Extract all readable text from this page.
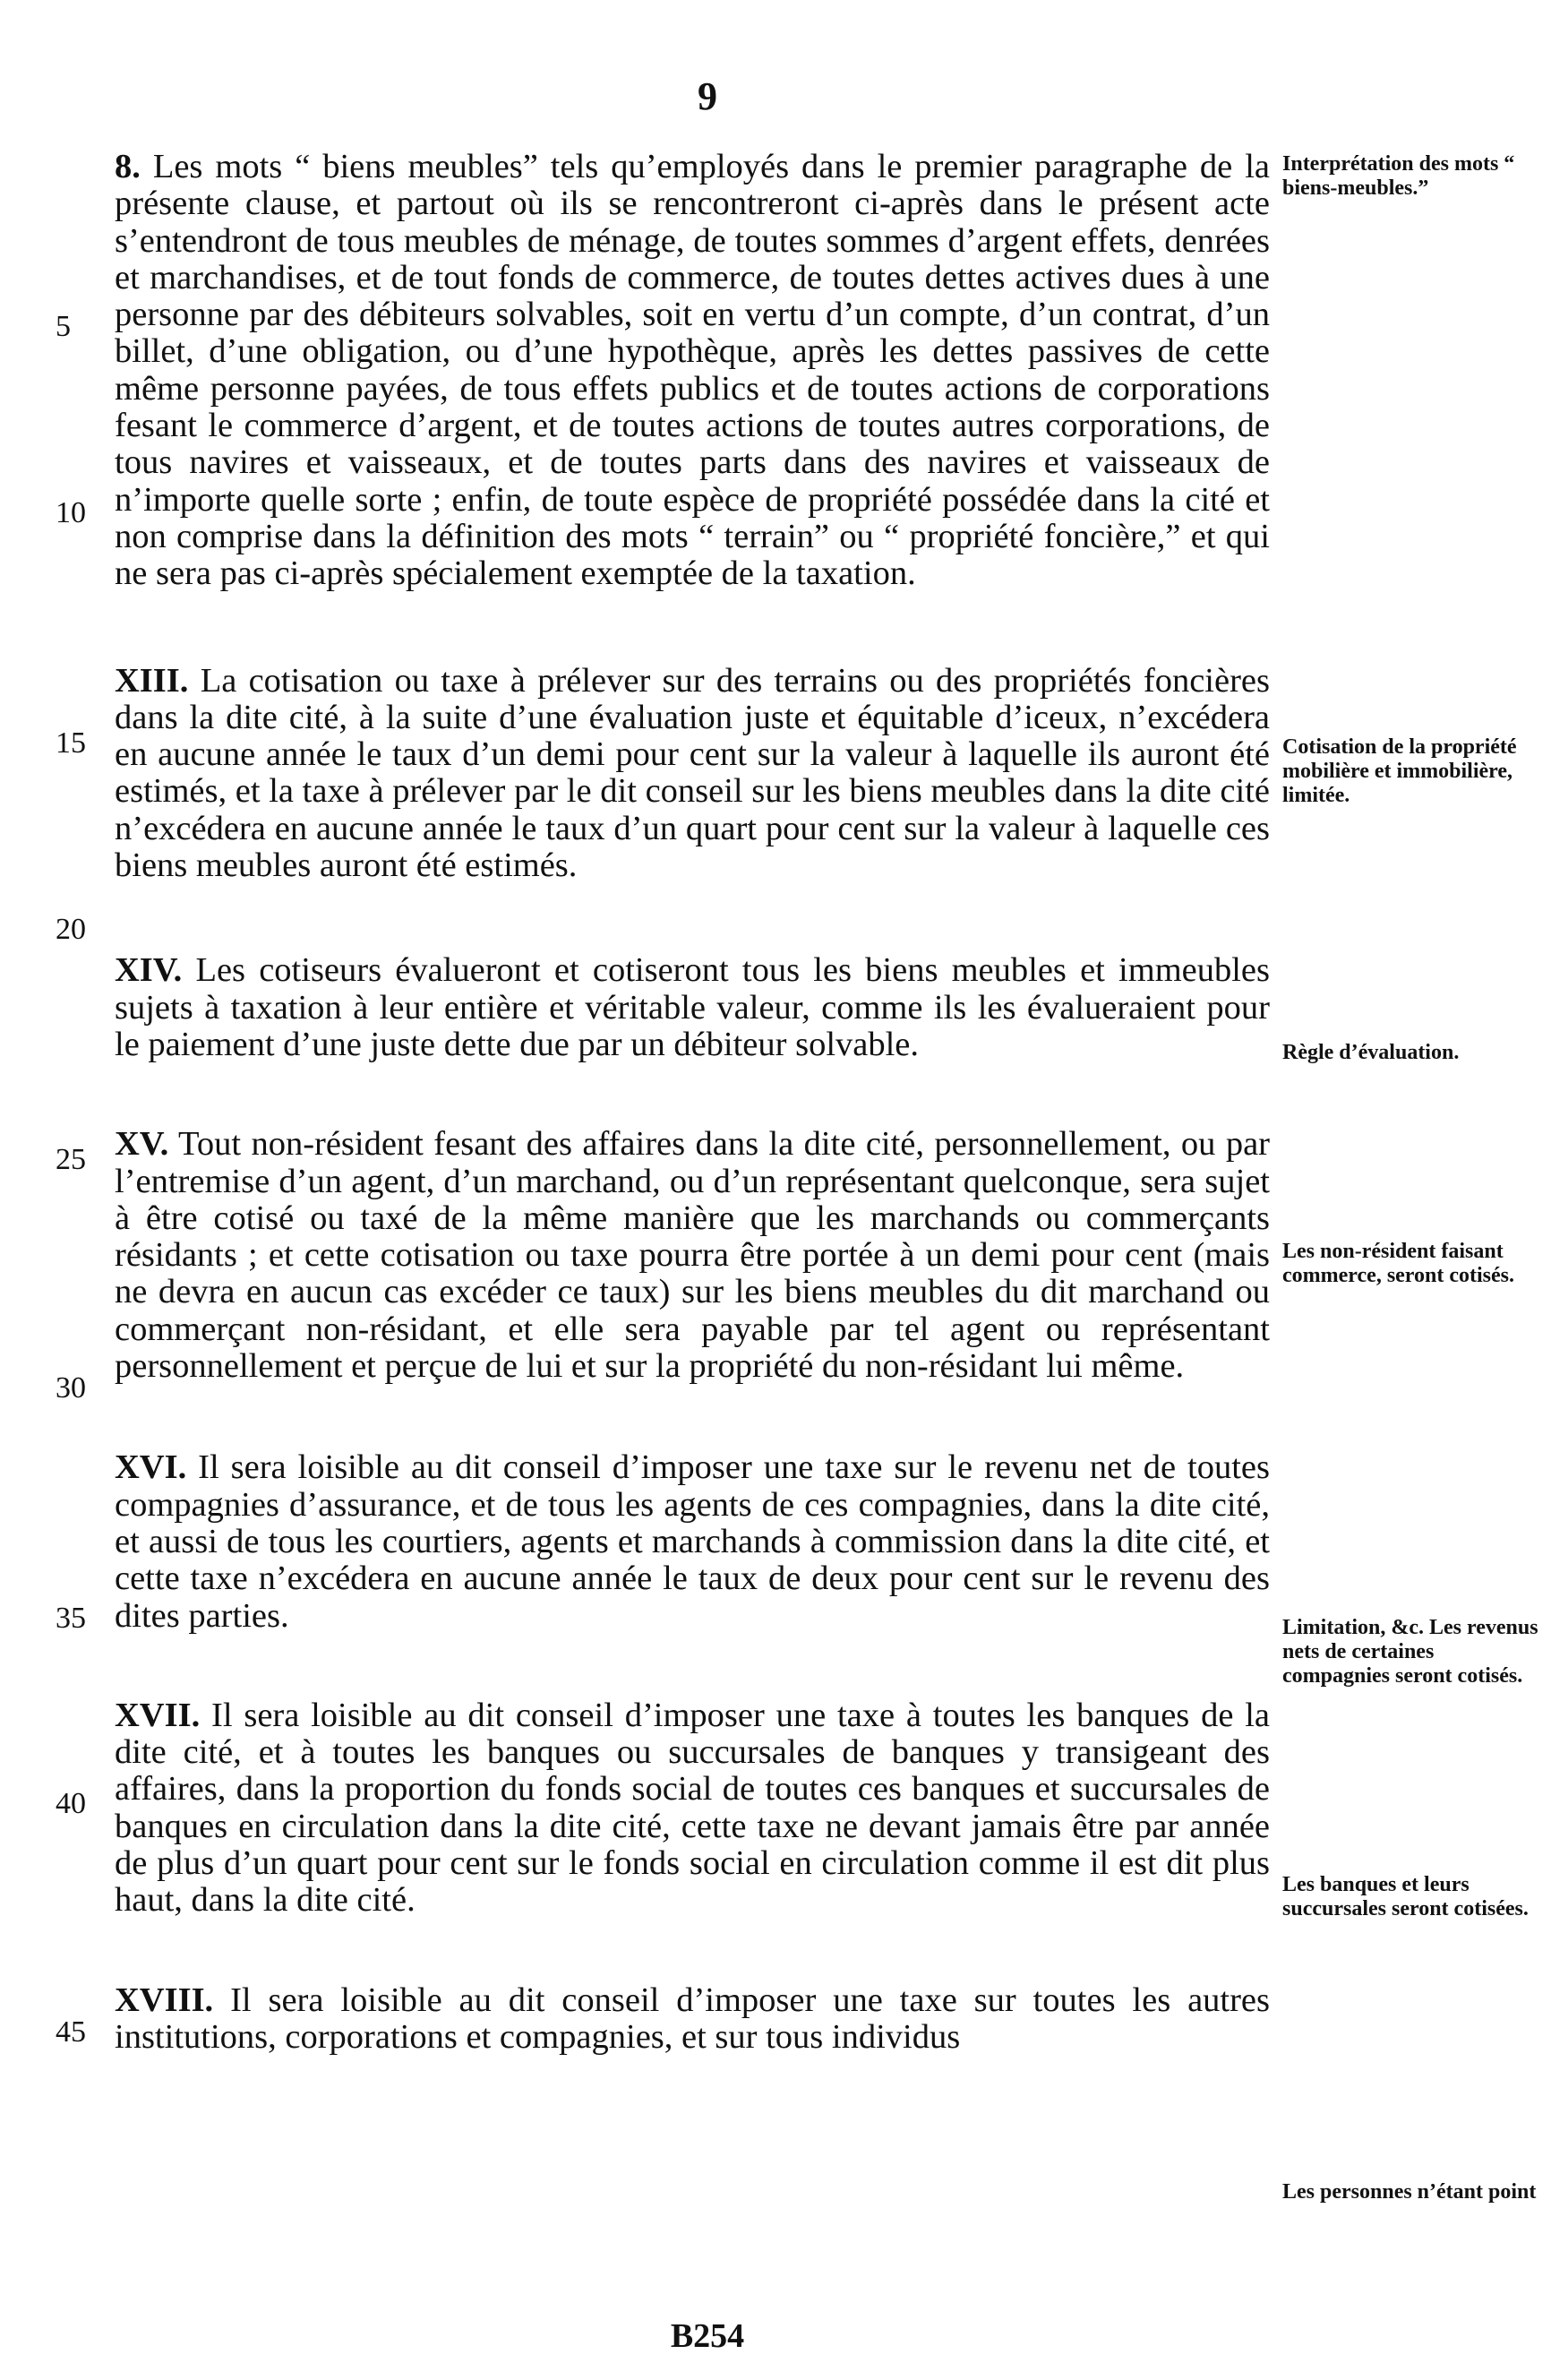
9

8. Les mots “ biens meubles” tels qu’employés dans le premier paragraphe de la présente clause, et partout où ils se rencontreront ci-après dans le présent acte s’entendront de tous meubles de ménage, de toutes sommes d’argent effets, denrées et marchandises, et de tout fonds de commerce, de toutes dettes actives dues à une personne par des débiteurs solvables, soit en vertu d’un compte, d’un contrat, d’un billet, d’une obligation, ou d’une hypothèque, après les dettes passives de cette même personne payées, de tous effets publics et de toutes actions de corporations fesant le commerce d’argent, et de toutes actions de toutes autres corporations, de tous navires et vaisseaux, et de toutes parts dans des navires et vaisseaux de n’importe quelle sorte ; enfin, de toute espèce de propriété possédée dans la cité et non comprise dans la définition des mots “ terrain” ou “ propriété foncière,” et qui ne sera pas ci-après spécialement exemptée de la taxation.

XIII. La cotisation ou taxe à prélever sur des terrains ou des propriétés foncières dans la dite cité, à la suite d’une évaluation juste et équitable d’iceux, n’excédera en aucune année le taux d’un demi pour cent sur la valeur à laquelle ils auront été estimés, et la taxe à prélever par le dit conseil sur les biens meubles dans la dite cité n’excédera en aucune année le taux d’un quart pour cent sur la valeur à laquelle ces biens meubles auront été estimés.

XIV. Les cotiseurs évalueront et cotiseront tous les biens meubles et immeubles sujets à taxation à leur entière et véritable valeur, comme ils les évalueraient pour le paiement d’une juste dette due par un débiteur solvable.

XV. Tout non-résident fesant des affaires dans la dite cité, personnellement, ou par l’entremise d’un agent, d’un marchand, ou d’un représentant quelconque, sera sujet à être cotisé ou taxé de la même manière que les marchands ou commerçants résidants ; et cette cotisation ou taxe pourra être portée à un demi pour cent (mais ne devra en aucun cas excéder ce taux) sur les biens meubles du dit marchand ou commerçant non-résidant, et elle sera payable par tel agent ou représentant personnellement et perçue de lui et sur la propriété du non-résidant lui même.

XVI. Il sera loisible au dit conseil d’imposer une taxe sur le revenu net de toutes compagnies d’assurance, et de tous les agents de ces compagnies, dans la dite cité, et aussi de tous les courtiers, agents et marchands à commission dans la dite cité, et cette taxe n’excédera en aucune année le taux de deux pour cent sur le revenu des dites parties.

XVII. Il sera loisible au dit conseil d’imposer une taxe à toutes les banques de la dite cité, et à toutes les banques ou succursales de banques y transigeant des affaires, dans la proportion du fonds social de toutes ces banques et succursales de banques en circulation dans la dite cité, cette taxe ne devant jamais être par année de plus d’un quart pour cent sur le fonds social en circulation comme il est dit plus haut, dans la dite cité.

XVIII. Il sera loisible au dit conseil d’imposer une taxe sur toutes les autres institutions, corporations et compagnies, et sur tous individus

5
10
15
20
25
30
35
40
45
Interprétation des mots “ biens-meubles.”
Cotisation de la propriété mobilière et immobilière, limitée.
Règle d’évaluation.
Les non-résident faisant commerce, seront cotisés.
Limitation, &c. Les revenus nets de certaines compagnies seront cotisés.
Les banques et leurs succursales seront cotisées.
Les personnes n’étant point
B254
